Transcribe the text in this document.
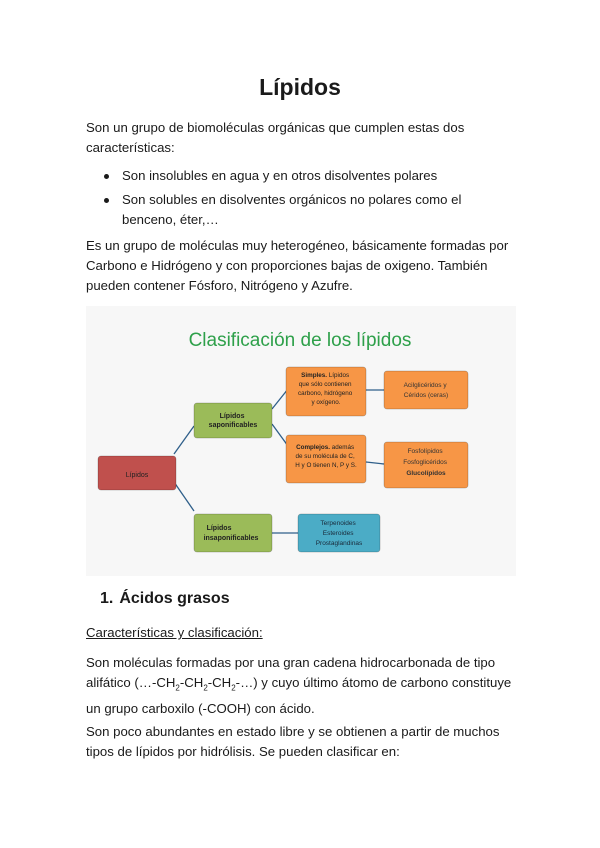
Lípidos

Son un grupo de biomoléculas orgánicas que cumplen estas dos características:

Son insolubles en agua y en otros disolventes polares
Son solubles en disolventes orgánicos no polares como el benceno, éter,…

Es un grupo de moléculas muy heterogéneo, básicamente formadas por Carbono e Hidrógeno y con proporciones bajas de oxigeno. También pueden contener Fósforo, Nitrógeno y Azufre.

Clasificación de los lípidos
Lípidos
Lípidos saponificables
Lípidos insaponificables
Simples. Lípidos que sólo contienen carbono, hidrógeno y oxígeno.
Complejos. además de su molécula de C, H y O tienen N, P y S.
Acilglicéridos y Céridos (ceras)
Fosfolípidos Fosfoglicéridos Glucolípidos
Terpenoides Esteroides Prostaglandinas
1. Ácidos grasos

Características y clasificación:

Son moléculas formadas por una gran cadena hidrocarbonada de tipo alifático $(\dots-CH_2-CH_2-CH_2-\dots)$ y cuyo último átomo de carbono constituye un grupo carboxilo (-COOH) con ácido.

Son poco abundantes en estado libre y se obtienen a partir de muchos tipos de lípidos por hidrólisis. Se pueden clasificar en:
